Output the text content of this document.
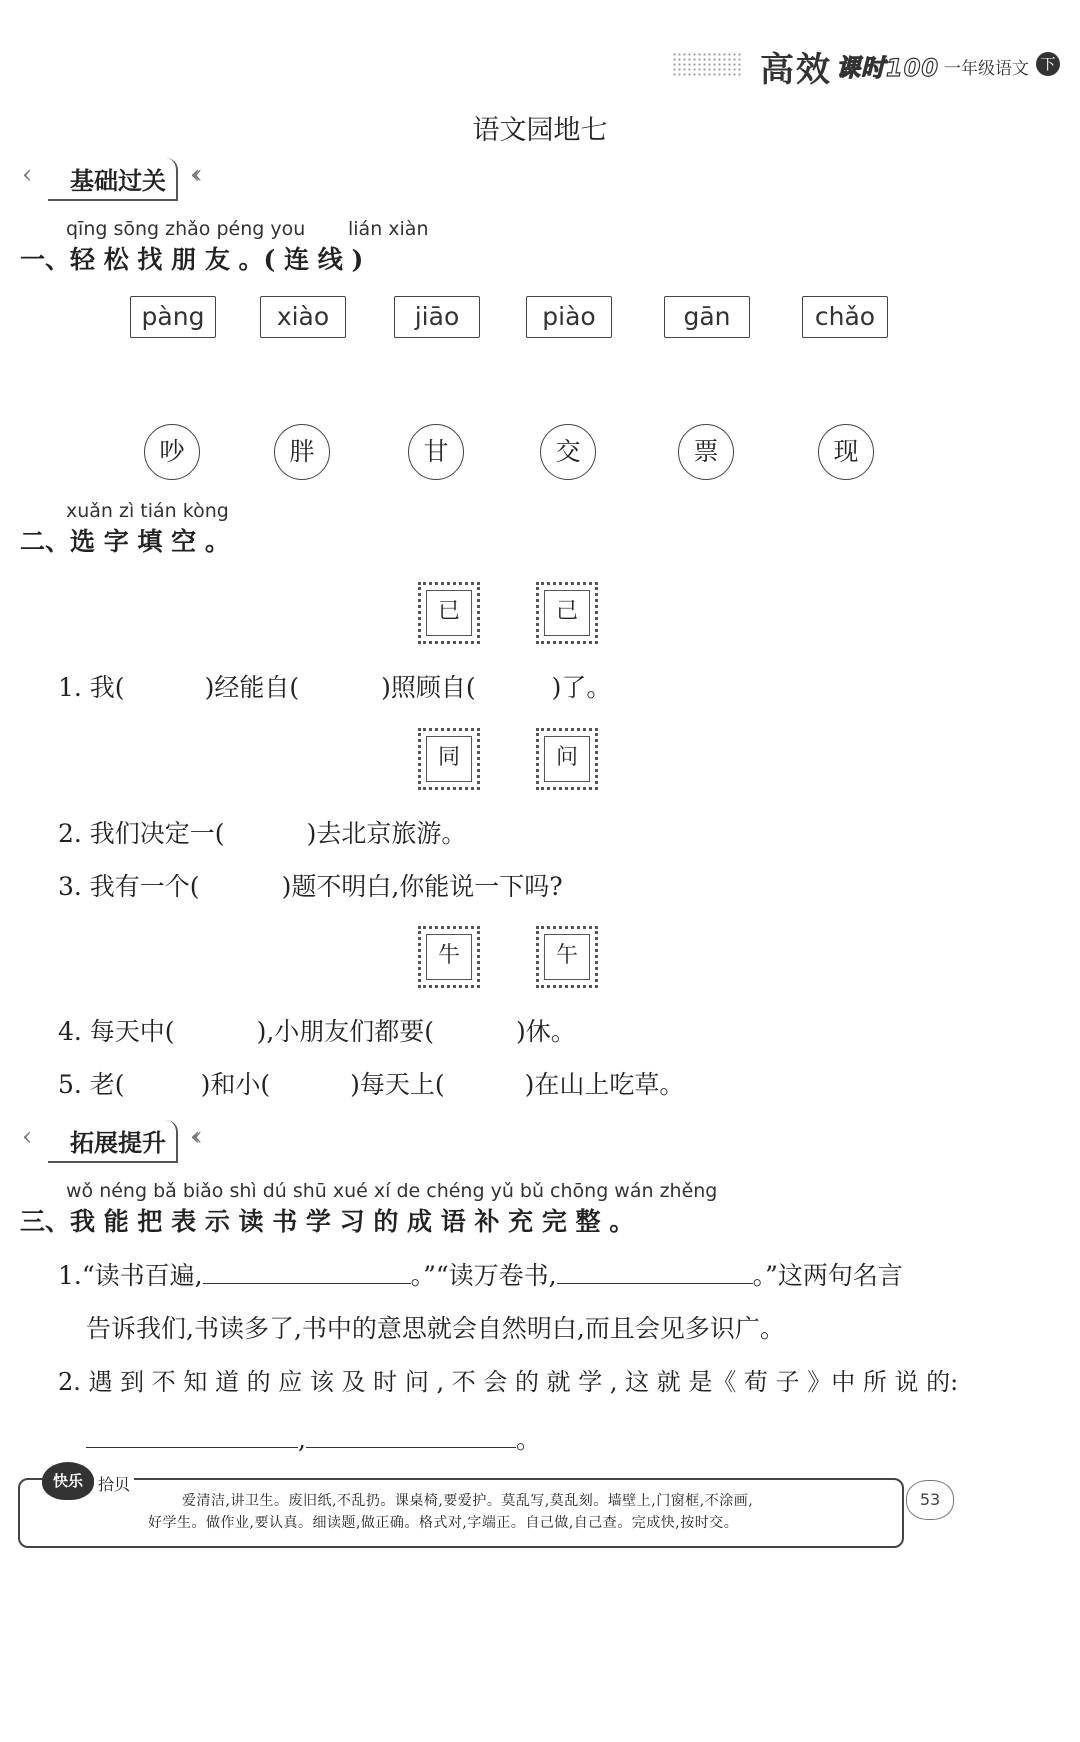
高效 课时100 一年级语文 下
语文园地七
‹	基础过关 ‹‹
qīng sōng zhǎo péng you lián xiàn
一、轻 松 找 朋 友 。( 连 线 )
pàng	xiào	jiāo	piào	gān	chǎo
吵	胖	甘	交	票	现
xuǎn zì tián kòng
二、选 字 填 空 。
已	己
1. 我(	)经能自(	)照顾自(	)了。
同	问
2. 我们决定一(	)去北京旅游。
3. 我有一个(	)题不明白,你能说一下吗?
牛	午
4. 每天中(	),小朋友们都要(	)休。
5. 老(	)和小(	)每天上(	)在山上吃草。
‹	拓展提升 ‹‹
wǒ néng bǎ biǎo shì dú shū xué xí de chéng yǔ bǔ chōng wán zhěng
三、我 能 把 表 示 读 书 学 习 的 成 语 补 充 完 整 。
1.“读书百遍,	。”“读万卷书,	。”这两句名言
告诉我们,书读多了,书中的意思就会自然明白,而且会见多识广。
2. 遇 到 不 知 道 的 应 该 及 时 问 , 不 会 的 就 学 , 这 就 是《 荀 子 》中 所 说 的:
,	。
快乐 拾贝
爱清洁,讲卫生。废旧纸,不乱扔。课桌椅,要爱护。莫乱写,莫乱刻。墙壁上,门窗框,不涂画,
好学生。做作业,要认真。细读题,做正确。格式对,字端正。自己做,自己查。完成快,按时交。
53
